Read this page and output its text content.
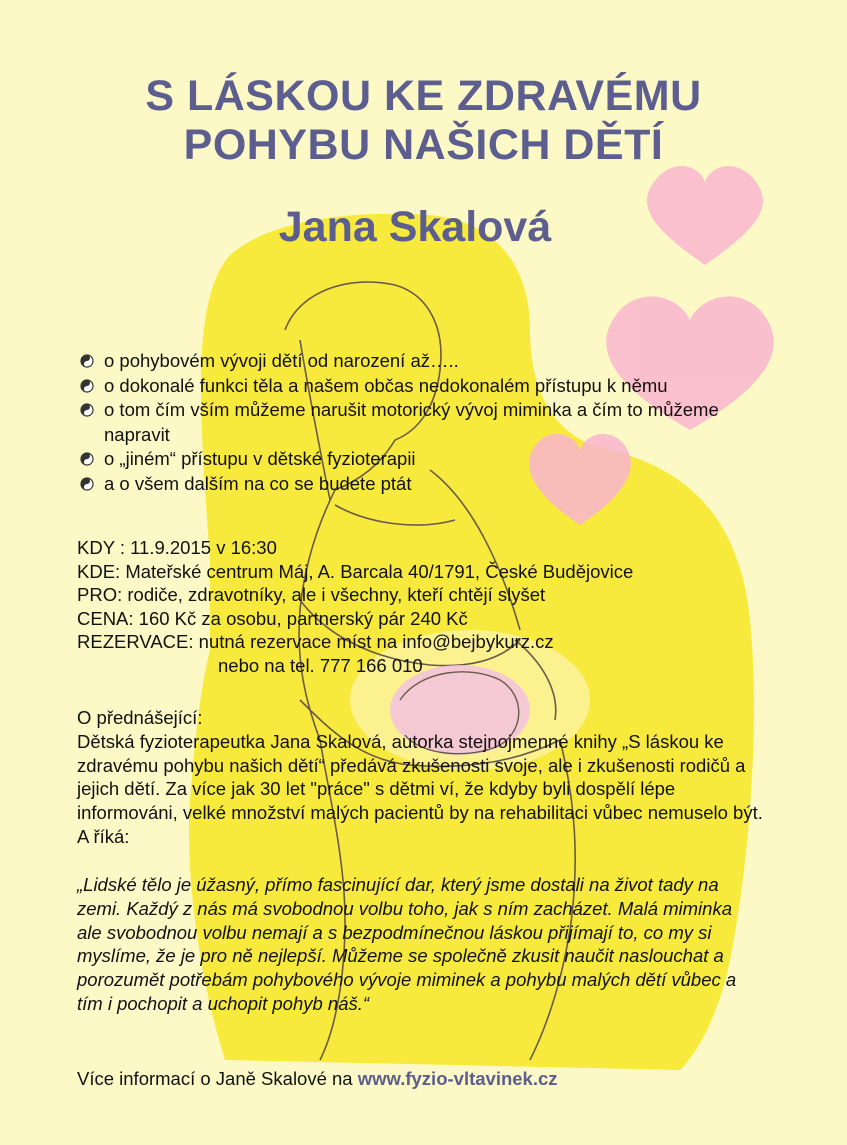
S LÁSKOU KE ZDRAVÉMU
POHYBU NAŠICH DĚTÍ
Jana Skalová
o pohybovém vývoji dětí od narození až…..
o dokonalé funkci těla a našem občas nedokonalém přístupu k němu
o tom čím vším můžeme narušit motorický vývoj miminka a čím to můžeme napravit
o „jiném“ přístupu v dětské fyzioterapii
a o všem dalším na co se budete ptát
KDY : 11.9.2015 v 16:30
KDE: Mateřské centrum Máj, A. Barcala 40/1791, České Budějovice
PRO: rodiče, zdravotníky, ale i všechny, kteří chtějí slyšet
CENA: 160 Kč za osobu, partnerský pár 240 Kč
REZERVACE: nutná rezervace míst na info@bejbykurz.cz
nebo na tel. 777 166 010

O přednášející:

Dětská fyzioterapeutka Jana Skalová, autorka stejnojmenné knihy „S láskou ke zdravému pohybu našich dětí“ předává zkušenosti svoje, ale i zkušenosti rodičů a jejich dětí. Za více jak 30 let "práce" s dětmi ví, že kdyby byli dospělí lépe informováni, velké množství malých pacientů by na rehabilitaci vůbec nemuselo být. A říká:

„Lidské tělo je úžasný, přímo fascinující dar, který jsme dostali na život tady na zemi. Každý z nás má svobodnou volbu toho, jak s ním zacházet. Malá miminka ale svobodnou volbu nemají a s bezpodmínečnou láskou přijímají to, co my si myslíme, že je pro ně nejlepší. Můžeme se společně zkusit naučit naslouchat a porozumět potřebám pohybového vývoje miminek a pohybu malých dětí vůbec a tím i pochopit a uchopit pohyb náš.“
Více informací o Janě Skalové na www.fyzio-vltavinek.cz
